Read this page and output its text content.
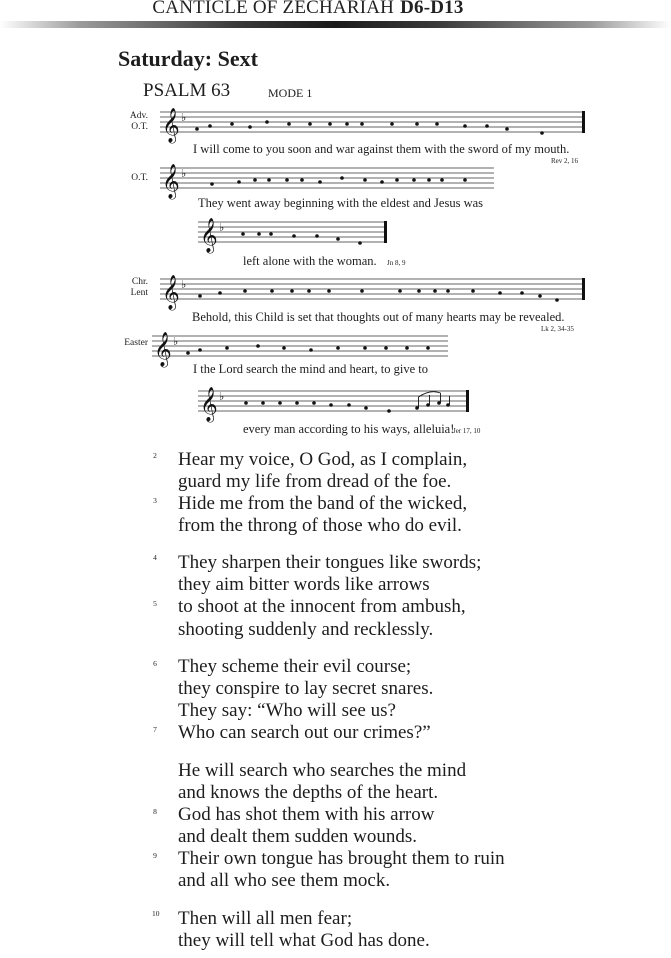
CANTICLE OF ZECHARIAH D6-D13
Saturday: Sext
PSALM 63	MODE 1
Adv.
O.T. 𝄞 ♭
I will come to you soon and war against them with the sword of my mouth.
Rev 2, 16
O.T. 𝄞 ♭
They went away beginning with the eldest and Jesus was
𝄞 ♭
left alone with the woman. Jn 8, 9
Chr.
Lent 𝄞 ♭
Behold, this Child is set that thoughts out of many hearts may be revealed.
Lk 2, 34-35
Easter 𝄞 ♭
I the Lord search the mind and heart, to give to
𝄞 ♭
every man according to his ways, alleluia!
Jer 17, 10
2 Hear my voice, O God, as I complain,
guard my life from dread of the foe.
3 Hide me from the band of the wicked,
from the throng of those who do evil.
4 They sharpen their tongues like swords;
they aim bitter words like arrows
5 to shoot at the innocent from ambush,
shooting suddenly and recklessly.
6 They scheme their evil course;
they conspire to lay secret snares.
They say: “Who will see us?
7 Who can search out our crimes?”
He will search who searches the mind
and knows the depths of the heart.
8 God has shot them with his arrow
and dealt them sudden wounds.
9 Their own tongue has brought them to ruin
and all who see them mock.
10 Then will all men fear;
they will tell what God has done.
